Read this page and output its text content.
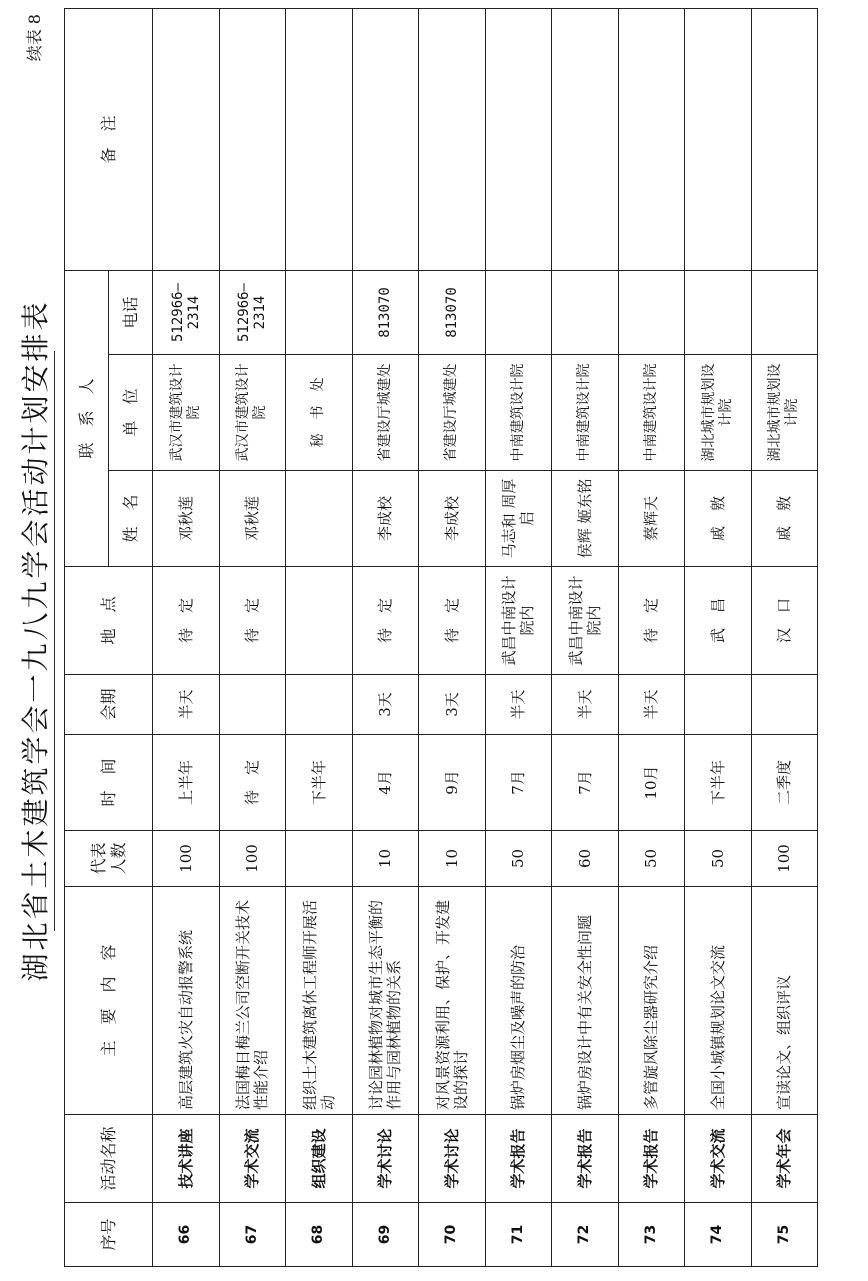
湖北省土木建筑学会一九八九学会活动计划安排表
续表 8
序号	活动名称	主　要　内　容	代表人数	时　间	会期	地　点	联　系　人			备　注
							姓　名	单　位	电话	
66	技术讲座	高层建筑火灾自动报警系统	100	上半年	半天	待　定	邓秋莲	武汉市建筑设计院	512966—2314	
67	学术交流	法国梅日梅兰公司空断开关技术性能介绍	100	待　定		待　定	邓秋莲	武汉市建筑设计院	512966—2314	
68	组织建设	组织土木建筑离休工程师开展活动		下半年				秘　书　处		
69	学术讨论	讨论园林植物对城市生态平衡的作用与园林植物的关系	10	4月	3天	待　定	李成校	省建设厅城建处	813070	
70	学术讨论	对风景资源利用、保护、开发建设的探讨	10	9月	3天	待　定	李成校	省建设厅城建处	813070	
71	学术报告	锅炉房烟尘及噪声的防治	50	7月	半天	武昌中南设计院内	马志和 周厚启	中南建筑设计院		
72	学术报告	锅炉房设计中有关安全性问题	60	7月	半天	武昌中南设计院内	侯辉 姬东铭	中南建筑设计院		
73	学术报告	多管旋风除尘器研究介绍	50	10月	半天	待　定	蔡辉天	中南建筑设计院		
74	学术交流	全国小城镇规划论文交流	50	下半年		武　昌	戚　敫	湖北城市规划设计院		
75	学术年会	宣读论文、组织评议	100	二季度		汉　口	戚　敫	湖北城市规划设计院		
